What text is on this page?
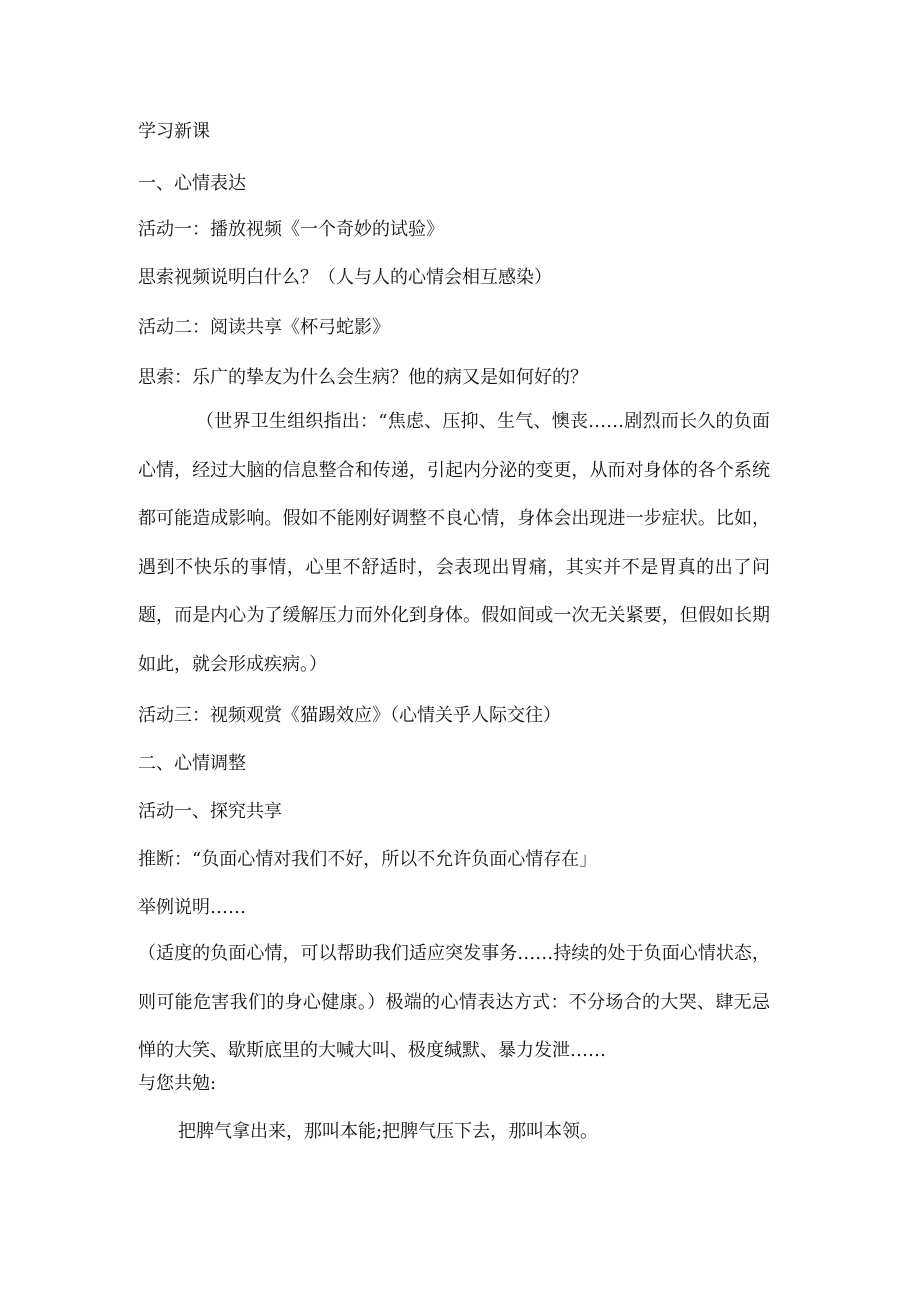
学习新课

一、心情表达

活动一：播放视频《一个奇妙的试验》

思索视频说明白什么？（人与人的心情会相互感染）

活动二：阅读共享《杯弓蛇影》

思索：乐广的挚友为什么会生病？他的病又是如何好的？

（世界卫生组织指出：“焦虑、压抑、生气、懊丧……剧烈而长久的负面心情，经过大脑的信息整合和传递，引起内分泌的变更，从而对身体的各个系统都可能造成影响。假如不能刚好调整不良心情，身体会出现进一步症状。比如，遇到不快乐的事情，心里不舒适时，会表现出胃痛，其实并不是胃真的出了问题，而是内心为了缓解压力而外化到身体。假如间或一次无关紧要，但假如长期如此，就会形成疾病。）

活动三：视频观赏《猫踢效应》（心情关乎人际交往）

二、心情调整

活动一、探究共享

推断：“负面心情对我们不好，所以不允许负面心情存在」

举例说明……

（适度的负面心情，可以帮助我们适应突发事务……持续的处于负面心情状态，则可能危害我们的身心健康。）极端的心情表达方式：不分场合的大哭、肆无忌惮的大笑、歇斯底里的大喊大叫、极度缄默、暴力发泄……

与您共勉:

把脾气拿出来，那叫本能;把脾气压下去，那叫本领。
